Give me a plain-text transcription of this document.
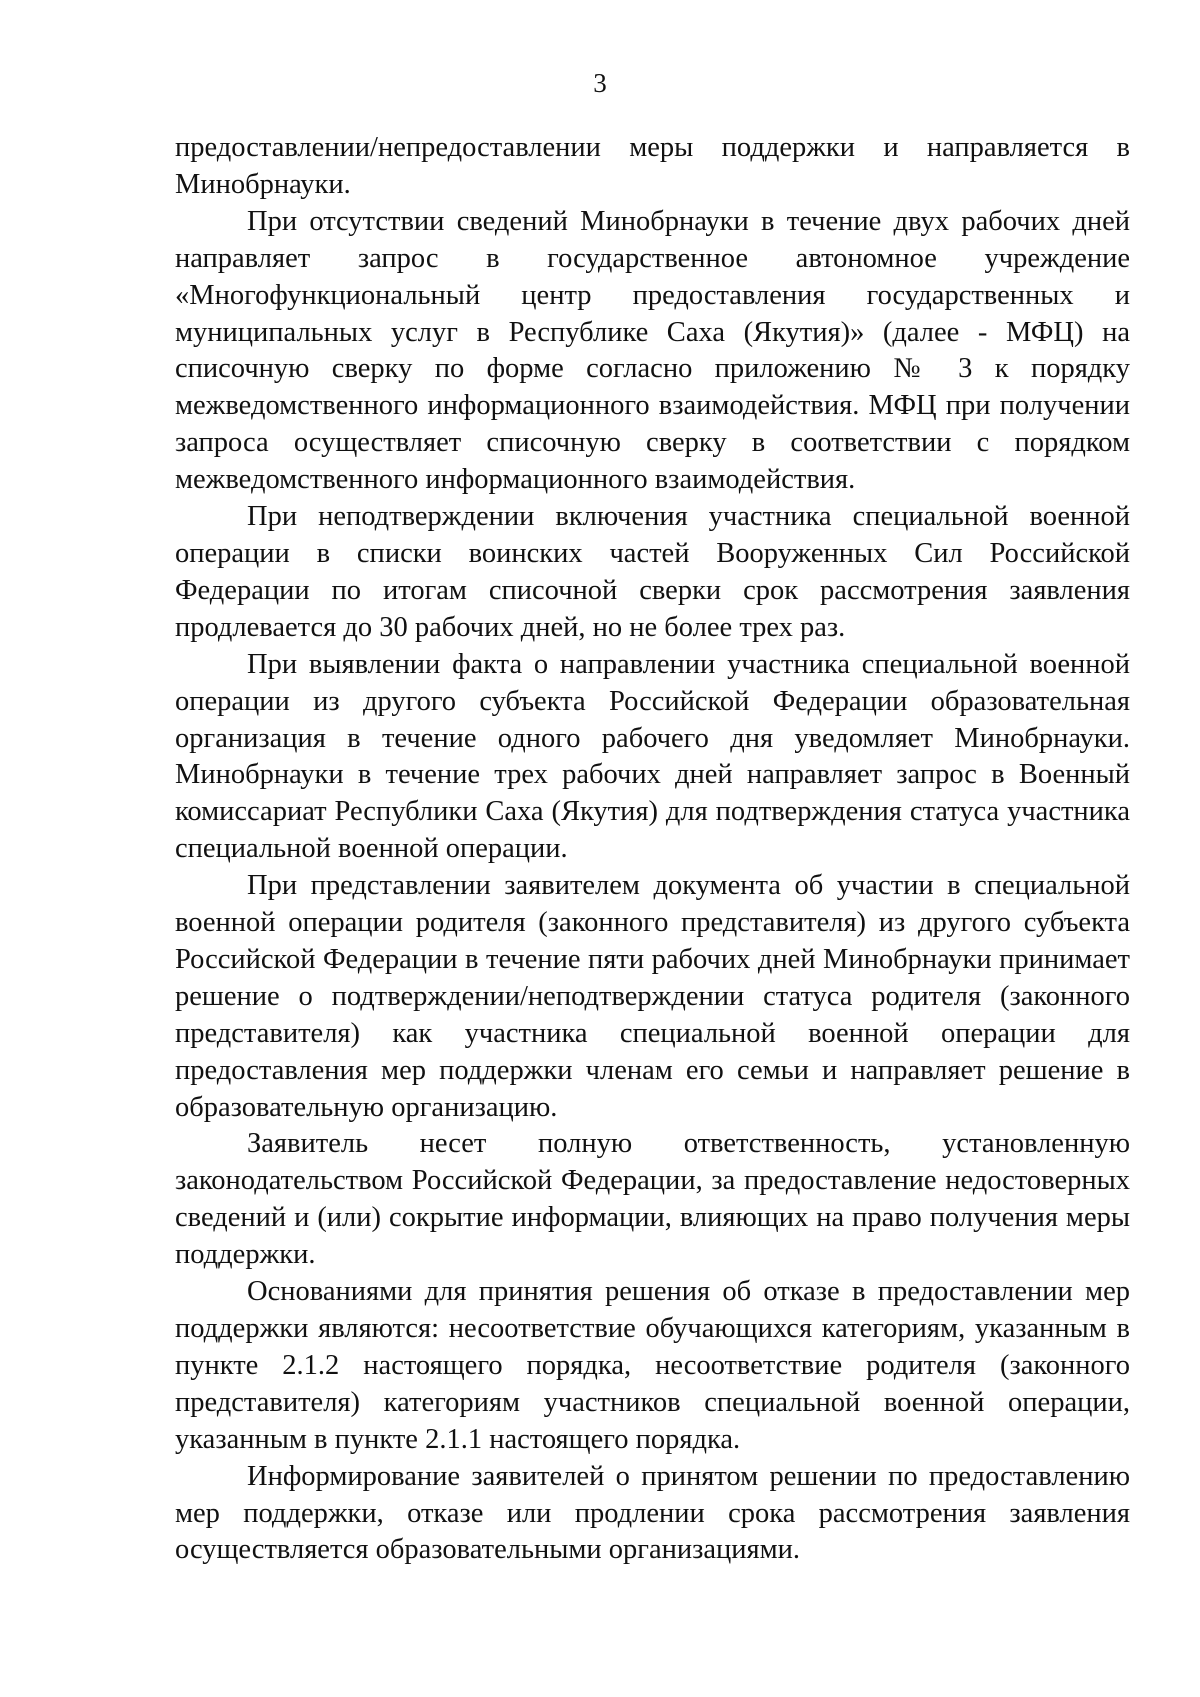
3

предоставлении/непредоставлении меры поддержки и направляется в Минобрнауки.

При отсутствии сведений Минобрнауки в течение двух рабочих дней направляет запрос в государственное автономное учреждение «Многофункциональный центр предоставления государственных и муниципальных услуг в Республике Саха (Якутия)» (далее - МФЦ) на списочную сверку по форме согласно приложению № 3 к порядку межведомственного информационного взаимодействия. МФЦ при получении запроса осуществляет списочную сверку в соответствии с порядком межведомственного информационного взаимодействия.

При неподтверждении включения участника специальной военной операции в списки воинских частей Вооруженных Сил Российской Федерации по итогам списочной сверки срок рассмотрения заявления продлевается до 30 рабочих дней, но не более трех раз.

При выявлении факта о направлении участника специальной военной операции из другого субъекта Российской Федерации образовательная организация в течение одного рабочего дня уведомляет Минобрнауки. Минобрнауки в течение трех рабочих дней направляет запрос в Военный комиссариат Республики Саха (Якутия) для подтверждения статуса участника специальной военной операции.

При представлении заявителем документа об участии в специальной военной операции родителя (законного представителя) из другого субъекта Российской Федерации в течение пяти рабочих дней Минобрнауки принимает решение о подтверждении/неподтверждении статуса родителя (законного представителя) как участника специальной военной операции для предоставления мер поддержки членам его семьи и направляет решение в образовательную организацию.

Заявитель несет полную ответственность, установленную законодательством Российской Федерации, за предоставление недостоверных сведений и (или) сокрытие информации, влияющих на право получения меры поддержки.

Основаниями для принятия решения об отказе в предоставлении мер поддержки являются: несоответствие обучающихся категориям, указанным в пункте 2.1.2 настоящего порядка, несоответствие родителя (законного представителя) категориям участников специальной военной операции, указанным в пункте 2.1.1 настоящего порядка.

Информирование заявителей о принятом решении по предоставлению мер поддержки, отказе или продлении срока рассмотрения заявления осуществляется образовательными организациями.
